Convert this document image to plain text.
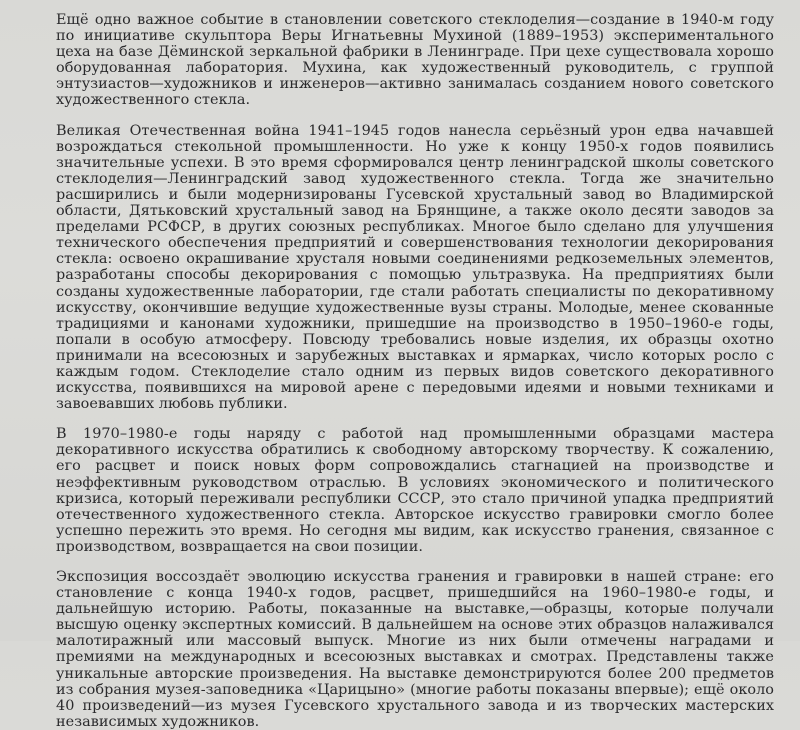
Ещё одно важное событие в становлении советского стеклоделия—создание в 1940-м году по инициативе скульптора Веры Игнатьевны Мухиной (1889–1953) экспериментального цеха на базе Дёминской зеркальной фабрики в Ленинграде. При цехе существовала хорошо оборудованная лаборатория. Мухина, как художественный руководитель, с группой энтузиастов—художников и инженеров—активно занималась созданием нового советского художественного стекла.

Великая Отечественная война 1941–1945 годов нанесла серьёзный урон едва начавшей возрождаться стекольной промышленности. Но уже к концу 1950-х годов появились значительные успехи. В это время сформировался центр ленинградской школы советского стеклоделия—Ленинградский завод художественного стекла. Тогда же значительно расширились и были модернизированы Гусевской хрустальный завод во Владимирской области, Дятьковский хрустальный завод на Брянщине, а также около десяти заводов за пределами РСФСР, в других союзных республиках. Многое было сделано для улучшения технического обеспечения предприятий и совершенствования технологии декорирования стекла: освоено окрашивание хрусталя новыми соединениями редкоземельных элементов, разработаны способы декорирования с помощью ультразвука. На предприятиях были созданы художественные лаборатории, где стали работать специалисты по декоративному искусству, окончившие ведущие художественные вузы страны. Молодые, менее скованные традициями и канонами художники, пришедшие на производство в 1950–1960-е годы, попали в особую атмосферу. Повсюду требовались новые изделия, их образцы охотно принимали на всесоюзных и зарубежных выставках и ярмарках, число которых росло с каждым годом. Стеклоделие стало одним из первых видов советского декоративного искусства, появившихся на мировой арене с передовыми идеями и новыми техниками и завоевавших любовь публики.

В 1970–1980-е годы наряду с работой над промышленными образцами мастера декоративного искусства обратились к свободному авторскому творчеству. К сожалению, его расцвет и поиск новых форм сопровождались стагнацией на производстве и неэффективным руководством отраслью. В условиях экономического и политического кризиса, который переживали республики СССР, это стало причиной упадка предприятий отечественного художественного стекла. Авторское искусство гравировки смогло более успешно пережить это время. Но сегодня мы видим, как искусство гранения, связанное с производством, возвращается на свои позиции.

Экспозиция воссоздаёт эволюцию искусства гранения и гравировки в нашей стране: его становление с конца 1940-х годов, расцвет, пришедшийся на 1960–1980-е годы, и дальнейшую историю. Работы, показанные на выставке,—образцы, которые получали высшую оценку экспертных комиссий. В дальнейшем на основе этих образцов налаживался малотиражный или массовый выпуск. Многие из них были отмечены наградами и премиями на международных и всесоюзных выставках и смотрах. Представлены также уникальные авторские произведения. На выставке демонстрируются более 200 предметов из собрания музея-заповедника «Царицыно» (многие работы показаны впервые); ещё около 40 произведений—из музея Гусевского хрустального завода и из творческих мастерских независимых художников.
